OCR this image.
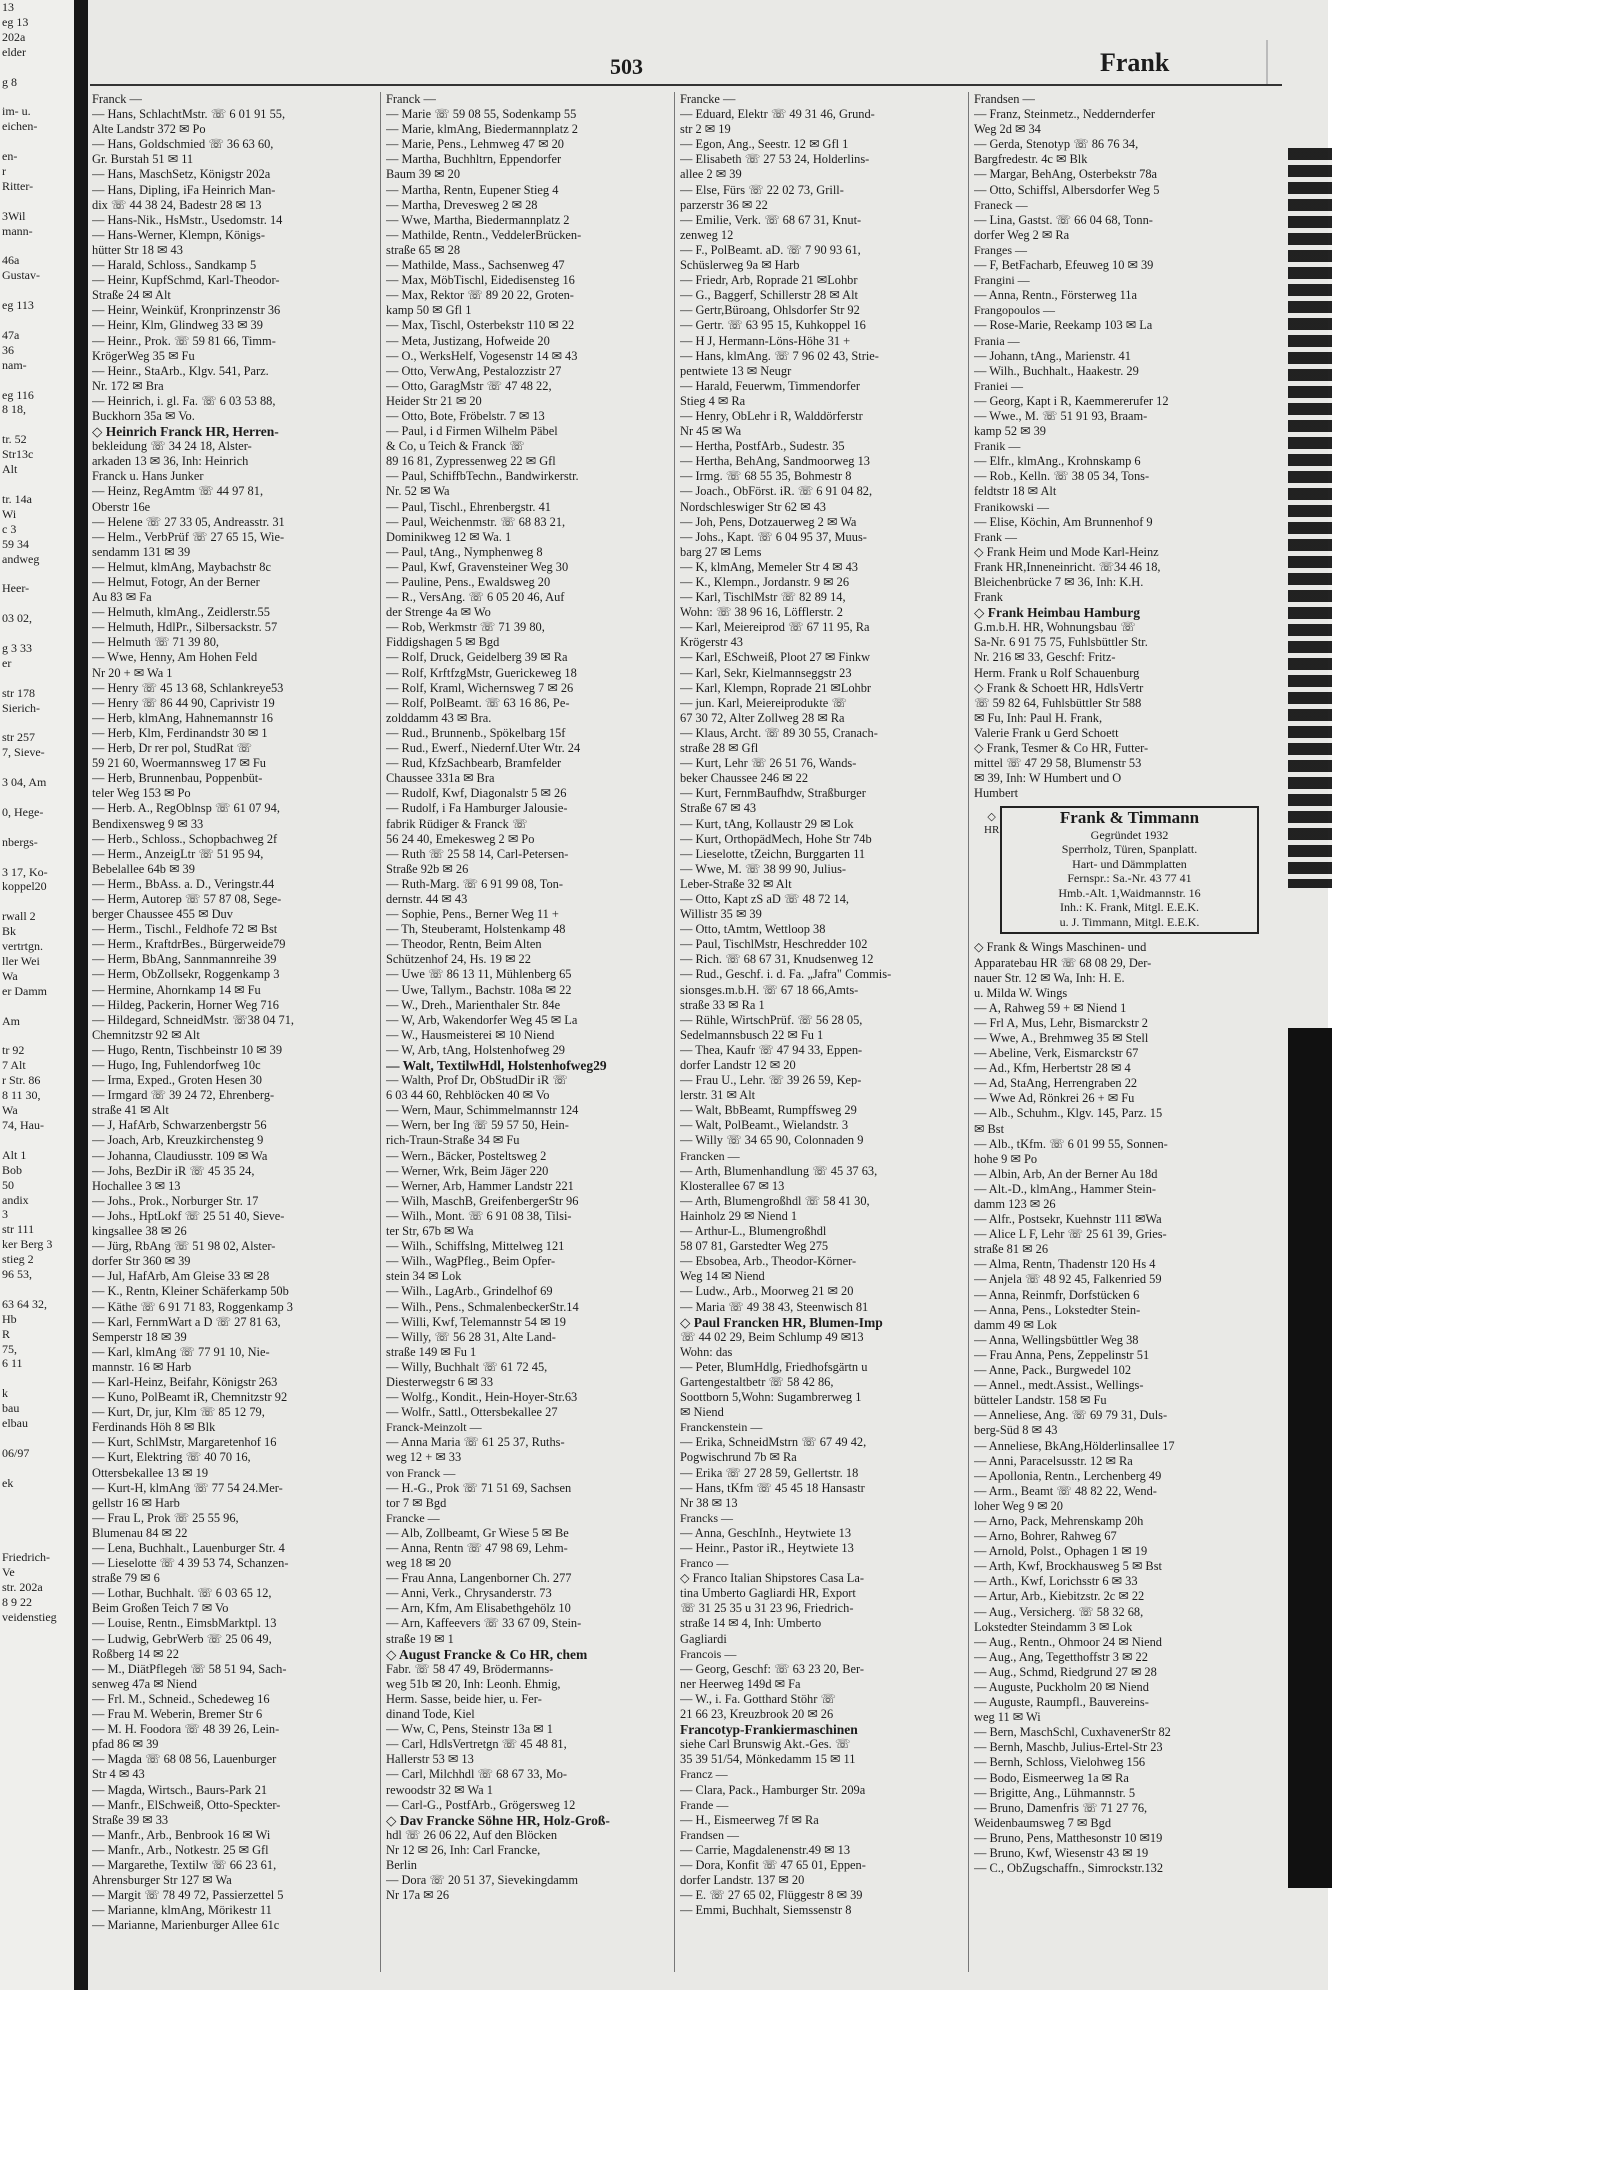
13
eg 13
202a
elder

g 8

im- u.
eichen-

en-
r
Ritter-

3Wil
mann-

46a
Gustav-

eg 113

47a
36
nam-

eg 116
8 18,

tr. 52
Str13c
Alt

tr. 14a
Wi
c 3
59 34
andweg

Heer-

03 02,

g 3 33
er

str 178
Sierich-

str 257
7, Sieve-

3 04, Am

0, Hege-

nbergs-

3 17, Ko-
koppel20

rwall 2
Bk
vertrtgn.
ller Wei
Wa
er Damm

Am

tr 92
7 Alt
r Str. 86
8 11 30,
Wa
74, Hau-

Alt 1
Bob
50
andix
3
str 111
ker Berg 3
stieg 2
96 53,

63 64 32,
Hb
R
75,
6 11

k
bau
elbau

06/97

ek

Friedrich-
Ve
str. 202a
8 9 22
veidenstieg
503	Frank
Franck —
— Hans, SchlachtMstr. ☏ 6 01 91 55,
Alte Landstr 372 ✉ Po
— Hans, Goldschmied ☏ 36 63 60,
Gr. Burstah 51 ✉ 11
— Hans, MaschSetz, Königstr 202a
— Hans, Dipling, iFa Heinrich Man-
dix ☏ 44 38 24, Badestr 28 ✉ 13
— Hans-Nik., HsMstr., Usedomstr. 14
— Hans-Werner, Klempn, Königs-
hütter Str 18 ✉ 43
— Harald, Schloss., Sandkamp 5
— Heinr, KupfSchmd, Karl-Theodor-
Straße 24 ✉ Alt
— Heinr, Weinküf, Kronprinzenstr 36
— Heinr, Klm, Glindweg 33 ✉ 39
— Heinr., Prok. ☏ 59 81 66, Timm-
KrögerWeg 35 ✉ Fu
— Heinr., StaArb., Klgv. 541, Parz.
Nr. 172 ✉ Bra
— Heinrich, i. gl. Fa. ☏ 6 03 53 88,
Buckhorn 35a ✉ Vo.
◇ Heinrich Franck HR, Herren-
bekleidung ☏ 34 24 18, Alster-
arkaden 13 ✉ 36, Inh: Heinrich
Franck u. Hans Junker
— Heinz, RegAmtm ☏ 44 97 81,
Oberstr 16e
— Helene ☏ 27 33 05, Andreasstr. 31
— Helm., VerbPrüf ☏ 27 65 15, Wie-
sendamm 131 ✉ 39
— Helmut, klmAng, Maybachstr 8c
— Helmut, Fotogr, An der Berner
Au 83 ✉ Fa
— Helmuth, klmAng., Zeidlerstr.55
— Helmuth, HdlPr., Silbersackstr. 57
— Helmuth ☏ 71 39 80,
— Wwe, Henny, Am Hohen Feld
Nr 20 + ✉ Wa 1
— Henry ☏ 45 13 68, Schlankreye53
— Henry ☏ 86 44 90, Caprivistr 19
— Herb, klmAng, Hahnemannstr 16
— Herb, Klm, Ferdinandstr 30 ✉ 1
— Herb, Dr rer pol, StudRat ☏
59 21 60, Woermannsweg 17 ✉ Fu
— Herb, Brunnenbau, Poppenbüt-
teler Weg 153 ✉ Po
— Herb. A., RegOblnsp ☏ 61 07 94,
Bendixensweg 9 ✉ 33
— Herb., Schloss., Schopbachweg 2f
— Herm., AnzeigLtr ☏ 51 95 94,
Bebelallee 64b ✉ 39
— Herm., BbAss. a. D., Veringstr.44
— Herm, Autorep ☏ 57 87 08, Sege-
berger Chaussee 455 ✉ Duv
— Herm., Tischl., Feldhofe 72 ✉ Bst
— Herm., KraftdrBes., Bürgerweide79
— Herm, BbAng, Sannmannreihe 39
— Herm, ObZollsekr, Roggenkamp 3
— Hermine, Ahornkamp 14 ✉ Fu
— Hildeg, Packerin, Horner Weg 716
— Hildegard, SchneidMstr. ☏38 04 71,
Chemnitzstr 92 ✉ Alt
— Hugo, Rentn, Tischbeinstr 10 ✉ 39
— Hugo, Ing, Fuhlendorfweg 10c
— Irma, Exped., Groten Hesen 30
— Irmgard ☏ 39 24 72, Ehrenberg-
straße 41 ✉ Alt
— J, HafArb, Schwarzenbergstr 56
— Joach, Arb, Kreuzkirchensteg 9
— Johanna, Claudiusstr. 109 ✉ Wa
— Johs, BezDir iR ☏ 45 35 24,
Hochallee 3 ✉ 13
— Johs., Prok., Norburger Str. 17
— Johs., HptLokf ☏ 25 51 40, Sieve-
kingsallee 38 ✉ 26
— Jürg, RbAng ☏ 51 98 02, Alster-
dorfer Str 360 ✉ 39
— Jul, HafArb, Am Gleise 33 ✉ 28
— K., Rentn, Kleiner Schäferkamp 50b
— Käthe ☏ 6 91 71 83, Roggenkamp 3
— Karl, FernmWart a D ☏ 27 81 63,
Semperstr 18 ✉ 39
— Karl, klmAng ☏ 77 91 10, Nie-
mannstr. 16 ✉ Harb
— Karl-Heinz, Beifahr, Königstr 263
— Kuno, PolBeamt iR, Chemnitzstr 92
— Kurt, Dr, jur, Klm ☏ 85 12 79,
Ferdinands Höh 8 ✉ Blk
— Kurt, SchlMstr, Margaretenhof 16
— Kurt, Elektring ☏ 40 70 16,
Ottersbekallee 13 ✉ 19
— Kurt-H, klmAng ☏ 77 54 24.Mer-
gellstr 16 ✉ Harb
— Frau L, Prok ☏ 25 55 96,
Blumenau 84 ✉ 22
— Lena, Buchhalt., Lauenburger Str. 4
— Lieselotte ☏ 4 39 53 74, Schanzen-
straße 79 ✉ 6
— Lothar, Buchhalt. ☏ 6 03 65 12,
Beim Großen Teich 7 ✉ Vo
— Louise, Rentn., EimsbMarktpl. 13
— Ludwig, GebrWerb ☏ 25 06 49,
Roßberg 14 ✉ 22
— M., DiätPflegeh ☏ 58 51 94, Sach-
senweg 47a ✉ Niend
— Frl. M., Schneid., Schedeweg 16
— Frau M. Weberin, Bremer Str 6
— M. H. Foodora ☏ 48 39 26, Lein-
pfad 86 ✉ 39
— Magda ☏ 68 08 56, Lauenburger
Str 4 ✉ 43
— Magda, Wirtsch., Baurs-Park 21
— Manfr., ElSchweiß, Otto-Speckter-
Straße 39 ✉ 33
— Manfr., Arb., Benbrook 16 ✉ Wi
— Manfr., Arb., Notkestr. 25 ✉ Gfl
— Margarethe, Textilw ☏ 66 23 61,
Ahrensburger Str 127 ✉ Wa
— Margit ☏ 78 49 72, Passierzettel 5
— Marianne, klmAng, Mörikestr 11
— Marianne, Marienburger Allee 61c
Franck —
— Marie ☏ 59 08 55, Sodenkamp 55
— Marie, klmAng, Biedermannplatz 2
— Marie, Pens., Lehmweg 47 ✉ 20
— Martha, Buchhltrn, Eppendorfer
Baum 39 ✉ 20
— Martha, Rentn, Eupener Stieg 4
— Martha, Drevesweg 2 ✉ 28
— Wwe, Martha, Biedermannplatz 2
— Mathilde, Rentn., VeddelerBrücken-
straße 65 ✉ 28
— Mathilde, Mass., Sachsenweg 47
— Max, MöbTischl, Eidedisensteg 16
— Max, Rektor ☏ 89 20 22, Groten-
kamp 50 ✉ Gfl 1
— Max, Tischl, Osterbekstr 110 ✉ 22
— Meta, Justizang, Hofweide 20
— O., WerksHelf, Vogesenstr 14 ✉ 43
— Otto, VerwAng, Pestalozzistr 27
— Otto, GaragMstr ☏ 47 48 22,
Heider Str 21 ✉ 20
— Otto, Bote, Fröbelstr. 7 ✉ 13
— Paul, i d Firmen Wilhelm Päbel
& Co, u Teich & Franck ☏
89 16 81, Zypressenweg 22 ✉ Gfl
— Paul, SchiffbTechn., Bandwirkerstr.
Nr. 52 ✉ Wa
— Paul, Tischl., Ehrenbergstr. 41
— Paul, Weichenmstr. ☏ 68 83 21,
Dominikweg 12 ✉ Wa. 1
— Paul, tAng., Nymphenweg 8
— Paul, Kwf, Gravensteiner Weg 30
— Pauline, Pens., Ewaldsweg 20
— R., VersAng. ☏ 6 05 20 46, Auf
der Strenge 4a ✉ Wo
— Rob, Werkmstr ☏ 71 39 80,
Fiddigshagen 5 ✉ Bgd
— Rolf, Druck, Geidelberg 39 ✉ Ra
— Rolf, KrftfzgMstr, Guerickeweg 18
— Rolf, Kraml, Wichernsweg 7 ✉ 26
— Rolf, PolBeamt. ☏ 63 16 86, Pe-
zolddamm 43 ✉ Bra.
— Rud., Brunnenb., Spökelbarg 15f
— Rud., Ewerf., Niedernf.Uter Wtr. 24
— Rud, KfzSachbearb, Bramfelder
Chaussee 331a ✉ Bra
— Rudolf, Kwf, Diagonalstr 5 ✉ 26
— Rudolf, i Fa Hamburger Jalousie-
fabrik Rüdiger & Franck ☏
56 24 40, Emekesweg 2 ✉ Po
— Ruth ☏ 25 58 14, Carl-Petersen-
Straße 92b ✉ 26
— Ruth-Marg. ☏ 6 91 99 08, Ton-
dernstr. 44 ✉ 43
— Sophie, Pens., Berner Weg 11 +
— Th, Steuberamt, Holstenkamp 48
— Theodor, Rentn, Beim Alten
Schützenhof 24, Hs. 19 ✉ 22
— Uwe ☏ 86 13 11, Mühlenberg 65
— Uwe, Tallym., Bachstr. 108a ✉ 22
— W., Dreh., Marienthaler Str. 84e
— W, Arb, Wakendorfer Weg 45 ✉ La
— W., Hausmeisterei ✉ 10 Niend
— W, Arb, tAng, Holstenhofweg 29
— Walt, TextilwHdl, Holstenhofweg29
— Walth, Prof Dr, ObStudDir iR ☏
6 03 44 60, Rehblöcken 40 ✉ Vo
— Wern, Maur, Schimmelmannstr 124
— Wern, ber Ing ☏ 59 57 50, Hein-
rich-Traun-Straße 34 ✉ Fu
— Wern., Bäcker, Posteltsweg 2
— Werner, Wrk, Beim Jäger 220
— Werner, Arb, Hammer Landstr 221
— Wilh, MaschB, GreifenbergerStr 96
— Wilh., Mont. ☏ 6 91 08 38, Tilsi-
ter Str, 67b ✉ Wa
— Wilh., Schiffslng, Mittelweg 121
— Wilh., WagPfleg., Beim Opfer-
stein 34 ✉ Lok
— Wilh., LagArb., Grindelhof 69
— Wilh., Pens., SchmalenbeckerStr.14
— Willi, Kwf, Telemannstr 54 ✉ 19
— Willy, ☏ 56 28 31, Alte Land-
straße 149 ✉ Fu 1
— Willy, Buchhalt ☏ 61 72 45,
Diesterwegstr 6 ✉ 33
— Wolfg., Kondit., Hein-Hoyer-Str.63
— Wolfr., Sattl., Ottersbekallee 27
Franck-Meinzolt —
— Anna Maria ☏ 61 25 37, Ruths-
weg 12 + ✉ 33
von Franck —
— H.-G., Prok ☏ 71 51 69, Sachsen
tor 7 ✉ Bgd
Francke —
— Alb, Zollbeamt, Gr Wiese 5 ✉ Be
— Anna, Rentn ☏ 47 98 69, Lehm-
weg 18 ✉ 20
— Frau Anna, Langenborner Ch. 277
— Anni, Verk., Chrysanderstr. 73
— Arn, Kfm, Am Elisabethgehölz 10
— Arn, Kaffeevers ☏ 33 67 09, Stein-
straße 19 ✉ 1
◇ August Francke & Co HR, chem
Fabr. ☏ 58 47 49, Brödermanns-
weg 51b ✉ 20, Inh: Leonh. Ehmig,
Herm. Sasse, beide hier, u. Fer-
dinand Tode, Kiel
— Ww, C, Pens, Steinstr 13a ✉ 1
— Carl, HdlsVertretgn ☏ 45 48 81,
Hallerstr 53 ✉ 13
— Carl, Milchhdl ☏ 68 67 33, Mo-
rewoodstr 32 ✉ Wa 1
— Carl-G., PostfArb., Grögersweg 12
◇ Dav Francke Söhne HR, Holz-Groß-
hdl ☏ 26 06 22, Auf den Blöcken
Nr 12 ✉ 26, Inh: Carl Francke,
Berlin
— Dora ☏ 20 51 37, Sievekingdamm
Nr 17a ✉ 26
Francke —
— Eduard, Elektr ☏ 49 31 46, Grund-
str 2 ✉ 19
— Egon, Ang., Seestr. 12 ✉ Gfl 1
— Elisabeth ☏ 27 53 24, Holderlins-
allee 2 ✉ 39
— Else, Fürs ☏ 22 02 73, Grill-
parzerstr 36 ✉ 22
— Emilie, Verk. ☏ 68 67 31, Knut-
zenweg 12
— F., PolBeamt. aD. ☏ 7 90 93 61,
Schüslerweg 9a ✉ Harb
— Friedr, Arb, Roprade 21 ✉Lohbr
— G., Baggerf, Schillerstr 28 ✉ Alt
— Gertr,Büroang, Ohlsdorfer Str 92
— Gertr. ☏ 63 95 15, Kuhkoppel 16
— H J, Hermann-Löns-Höhe 31 +
— Hans, klmAng. ☏ 7 96 02 43, Strie-
pentwiete 13 ✉ Neugr
— Harald, Feuerwm, Timmendorfer
Stieg 4 ✉ Ra
— Henry, ObLehr i R, Walddörferstr
Nr 45 ✉ Wa
— Hertha, PostfArb., Sudestr. 35
— Hertha, BehAng, Sandmoorweg 13
— Irmg. ☏ 68 55 35, Bohmestr 8
— Joach., ObFörst. iR. ☏ 6 91 04 82,
Nordschleswiger Str 62 ✉ 43
— Joh, Pens, Dotzauerweg 2 ✉ Wa
— Johs., Kapt. ☏ 6 04 95 37, Muus-
barg 27 ✉ Lems
— K, klmAng, Memeler Str 4 ✉ 43
— K., Klempn., Jordanstr. 9 ✉ 26
— Karl, TischlMstr ☏ 82 89 14,
Wohn: ☏ 38 96 16, Löfflerstr. 2
— Karl, Meiereiprod ☏ 67 11 95, Ra
Krögerstr 43
— Karl, ESchweiß, Ploot 27 ✉ Finkw
— Karl, Sekr, Kielmannseggstr 23
— Karl, Klempn, Roprade 21 ✉Lohbr
— jun. Karl, Meiereiprodukte ☏
67 30 72, Alter Zollweg 28 ✉ Ra
— Klaus, Archt. ☏ 89 30 55, Cranach-
straße 28 ✉ Gfl
— Kurt, Lehr ☏ 26 51 76, Wands-
beker Chaussee 246 ✉ 22
— Kurt, FernmBaufhdw, Straßburger
Straße 67 ✉ 43
— Kurt, tAng, Kollaustr 29 ✉ Lok
— Kurt, OrthopädMech, Hohe Str 74b
— Lieselotte, tZeichn, Burggarten 11
— Wwe, M. ☏ 38 99 90, Julius-
Leber-Straße 32 ✉ Alt
— Otto, Kapt zS aD ☏ 48 72 14,
Willistr 35 ✉ 39
— Otto, tAmtm, Wettloop 38
— Paul, TischlMstr, Heschredder 102
— Rich. ☏ 68 67 31, Knudsenweg 12
— Rud., Geschf. i. d. Fa. „Jafra" Commis-
sionsges.m.b.H. ☏ 67 18 66,Amts-
straße 33 ✉ Ra 1
— Rühle, WirtschPrüf. ☏ 56 28 05,
Sedelmannsbusch 22 ✉ Fu 1
— Thea, Kaufr ☏ 47 94 33, Eppen-
dorfer Landstr 12 ✉ 20
— Frau U., Lehr. ☏ 39 26 59, Kep-
lerstr. 31 ✉ Alt
— Walt, BbBeamt, Rumpffsweg 29
— Walt, PolBeamt., Wielandstr. 3
— Willy ☏ 34 65 90, Colonnaden 9
Francken —
— Arth, Blumenhandlung ☏ 45 37 63,
Klosterallee 67 ✉ 13
— Arth, Blumengroßhdl ☏ 58 41 30,
Hainholz 29 ✉ Niend 1
— Arthur-L., Blumengroßhdl
58 07 81, Garstedter Weg 275
— Ebsobea, Arb., Theodor-Körner-
Weg 14 ✉ Niend
— Ludw., Arb., Moorweg 21 ✉ 20
— Maria ☏ 49 38 43, Steenwisch 81
◇ Paul Francken HR, Blumen-Imp
☏ 44 02 29, Beim Schlump 49 ✉13
Wohn: das
— Peter, BlumHdlg, Friedhofsgärtn u
Gartengestaltbetr ☏ 58 42 86,
Soottborn 5,Wohn: Sugambrerweg 1
✉ Niend
Franckenstein —
— Erika, SchneidMstrn ☏ 67 49 42,
Pogwischrund 7b ✉ Ra
— Erika ☏ 27 28 59, Gellertstr. 18
— Hans, tKfm ☏ 45 45 18 Hansastr
Nr 38 ✉ 13
Francks —
— Anna, GeschInh., Heytwiete 13
— Heinr., Pastor iR., Heytwiete 13
Franco —
◇ Franco Italian Shipstores Casa La-
tina Umberto Gagliardi HR, Export
☏ 31 25 35 u 31 23 96, Friedrich-
straße 14 ✉ 4, Inh: Umberto
Gagliardi
Francois —
— Georg, Geschf: ☏ 63 23 20, Ber-
ner Heerweg 149d ✉ Fa
— W., i. Fa. Gotthard Stöhr ☏
21 66 23, Kreuzbrook 20 ✉ 26
Francotyp-Frankiermaschinen
siehe Carl Brunswig Akt.-Ges. ☏
35 39 51/54, Mönkedamm 15 ✉ 11
Francz —
— Clara, Pack., Hamburger Str. 209a
Frande —
— H., Eismeerweg 7f ✉ Ra
Frandsen —
— Carrie, Magdalenenstr.49 ✉ 13
— Dora, Konfit ☏ 47 65 01, Eppen-
dorfer Landstr. 137 ✉ 20
— E. ☏ 27 65 02, Flüggestr 8 ✉ 39
— Emmi, Buchhalt, Siemssenstr 8
Frandsen —
— Franz, Steinmetz., Neddernderfer
Weg 2d ✉ 34
— Gerda, Stenotyp ☏ 86 76 34,
Bargfredestr. 4c ✉ Blk
— Margar, BehAng, Osterbekstr 78a
— Otto, Schiffsl, Albersdorfer Weg 5
Franeck —
— Lina, Gastst. ☏ 66 04 68, Tonn-
dorfer Weg 2 ✉ Ra
Franges —
— F, BetFacharb, Efeuweg 10 ✉ 39
Frangini —
— Anna, Rentn., Försterweg 11a
Frangopoulos —
— Rose-Marie, Reekamp 103 ✉ La
Frania —
— Johann, tAng., Marienstr. 41
— Wilh., Buchhalt., Haakestr. 29
Franiei —
— Georg, Kapt i R, Kaemmererufer 12
— Wwe., M. ☏ 51 91 93, Braam-
kamp 52 ✉ 39
Franik —
— Elfr., klmAng., Krohnskamp 6
— Rob., Kelln. ☏ 38 05 34, Tons-
feldtstr 18 ✉ Alt
Franikowski —
— Elise, Köchin, Am Brunnenhof 9
Frank —
◇ Frank Heim und Mode Karl-Heinz
Frank HR,Inneneinricht. ☏34 46 18,
Bleichenbrücke 7 ✉ 36, Inh: K.H.
Frank
◇ Frank Heimbau Hamburg
G.m.b.H. HR, Wohnungsbau ☏
Sa-Nr. 6 91 75 75, Fuhlsbüttler Str.
Nr. 216 ✉ 33, Geschf: Fritz-
Herm. Frank u Rolf Schauenburg
◇ Frank & Schoett HR, HdlsVertr
☏ 59 82 64, Fuhlsbüttler Str 588
✉ Fu, Inh: Paul H. Frank,
Valerie Frank u Gerd Schoett
◇ Frank, Tesmer & Co HR, Futter-
mittel ☏ 47 29 58, Blumenstr 53
✉ 39, Inh: W Humbert und O
Humbert
◇
HR
Frank & Timmann
Gegründet 1932
Sperrholz, Türen, Spanplatt.
Hart- und Dämmplatten
Fernspr.: Sa.-Nr. 43 77 41
Hmb.-Alt. 1,Waidmannstr. 16
Inh.: K. Frank, Mitgl. E.E.K.
u. J. Timmann, Mitgl. E.E.K.
◇ Frank & Wings Maschinen- und
Apparatebau HR ☏ 68 08 29, Der-
nauer Str. 12 ✉ Wa, Inh: H. E.
u. Milda W. Wings
— A, Rahweg 59 + ✉ Niend 1
— Frl A, Mus, Lehr, Bismarckstr 2
— Wwe, A., Brehmweg 35 ✉ Stell
— Abeline, Verk, Eismarckstr 67
— Ad., Kfm, Herbertstr 28 ✉ 4
— Ad, StaAng, Herrengraben 22
— Wwe Ad, Rönkrei 26 + ✉ Fu
— Alb., Schuhm., Klgv. 145, Parz. 15
✉ Bst
— Alb., tKfm. ☏ 6 01 99 55, Sonnen-
hohe 9 ✉ Po
— Albin, Arb, An der Berner Au 18d
— Alt.-D., klmAng., Hammer Stein-
damm 123 ✉ 26
— Alfr., Postsekr, Kuehnstr 111 ✉Wa
— Alice L F, Lehr ☏ 25 61 39, Gries-
straße 81 ✉ 26
— Alma, Rentn, Thadenstr 120 Hs 4
— Anjela ☏ 48 92 45, Falkenried 59
— Anna, Reinmfr, Dorfstücken 6
— Anna, Pens., Lokstedter Stein-
damm 49 ✉ Lok
— Anna, Wellingsbüttler Weg 38
— Frau Anna, Pens, Zeppelinstr 51
— Anne, Pack., Burgwedel 102
— Annel., medt.Assist., Wellings-
bütteler Landstr. 158 ✉ Fu
— Anneliese, Ang. ☏ 69 79 31, Duls-
berg-Süd 8 ✉ 43
— Anneliese, BkAng,Hölderlinsallee 17
— Anni, Paracelsusstr. 12 ✉ Ra
— Apollonia, Rentn., Lerchenberg 49
— Arm., Beamt ☏ 48 82 22, Wend-
loher Weg 9 ✉ 20
— Arno, Pack, Mehrenskamp 20h
— Arno, Bohrer, Rahweg 67
— Arnold, Polst., Ophagen 1 ✉ 19
— Arth, Kwf, Brockhausweg 5 ✉ Bst
— Arth., Kwf, Lorichsstr 6 ✉ 33
— Artur, Arb., Kiebitzstr. 2c ✉ 22
— Aug., Versicherg. ☏ 58 32 68,
Lokstedter Steindamm 3 ✉ Lok
— Aug., Rentn., Ohmoor 24 ✉ Niend
— Aug., Ang, Tegetthoffstr 3 ✉ 22
— Aug., Schmd, Riedgrund 27 ✉ 28
— Auguste, Puckholm 20 ✉ Niend
— Auguste, Raumpfl., Bauvereins-
weg 11 ✉ Wi
— Bern, MaschSchl, CuxhavenerStr 82
— Bernh, Maschb, Julius-Ertel-Str 23
— Bernh, Schloss, Vielohweg 156
— Bodo, Eismeerweg 1a ✉ Ra
— Brigitte, Ang., Lühmannstr. 5
— Bruno, Damenfris ☏ 71 27 76,
Weidenbaumsweg 7 ✉ Bgd
— Bruno, Pens, Matthesonstr 10 ✉19
— Bruno, Kwf, Wiesenstr 43 ✉ 19
— C., ObZugschaffn., Simrockstr.132
